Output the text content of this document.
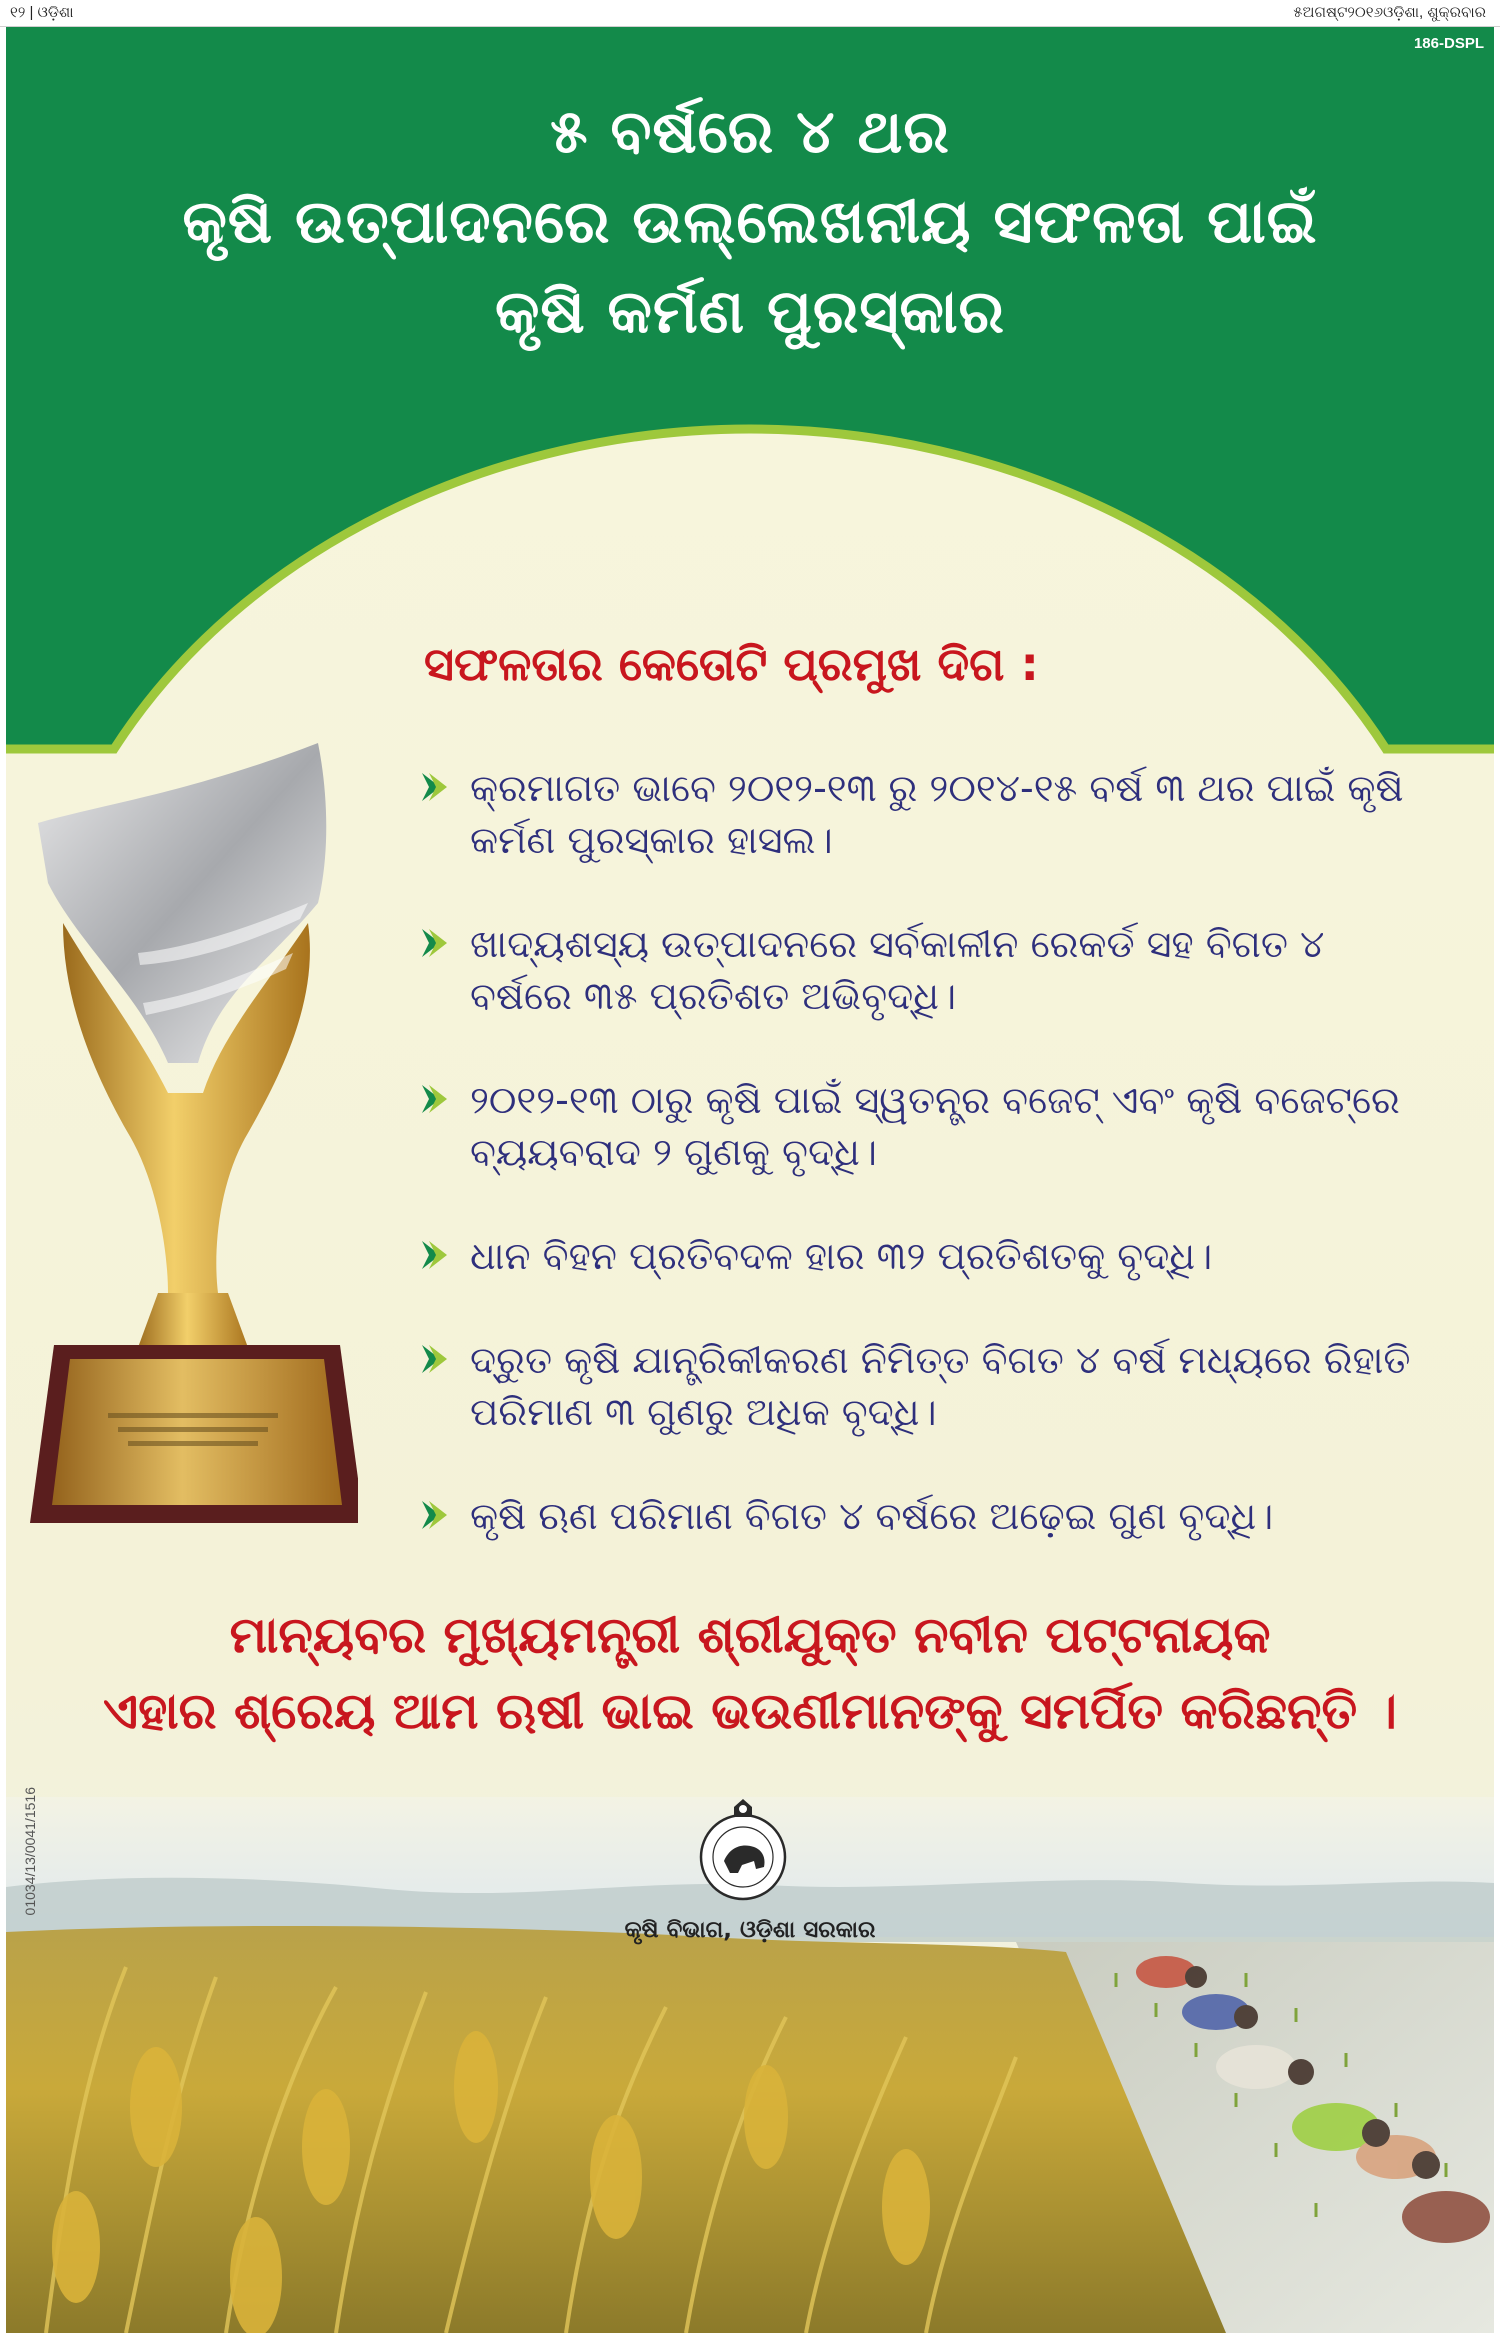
୧୨ | ଓଡ଼ିଶା	୫ଅଗଷ୍ଟ୨୦୧୬ଓଡ଼ିଶା, ଶୁକ୍ରବାର
186-DSPL
୫ ବର୍ଷରେ ୪ ଥର
କୃଷି ଉତ୍ପାଦନରେ ଉଲ୍ଲେଖନୀୟ ସଫଳତା ପାଇଁ
କୃଷି କର୍ମଣ ପୁରସ୍କାର
ସଫଳତାର କେତୋଟି ପ୍ରମୁଖ ଦିଗ :
କ୍ରମାଗତ ଭାବେ ୨୦୧୨-୧୩ ରୁ ୨୦୧୪-୧୫ ବର୍ଷ ୩ ଥର ପାଇଁ କୃଷି କର୍ମଣ ପୁରସ୍କାର ହାସଲ।
ଖାଦ୍ୟଶସ୍ୟ ଉତ୍ପାଦନରେ ସର୍ବକାଳୀନ ରେକର୍ଡ ସହ ବିଗତ ୪ ବର୍ଷରେ ୩୫ ପ୍ରତିଶତ ଅଭିବୃଦ୍ଧି।
୨୦୧୨-୧୩ ଠାରୁ କୃଷି ପାଇଁ ସ୍ୱତନ୍ତ୍ର ବଜେଟ୍ ଏବଂ କୃଷି ବଜେଟ୍‌ରେ ବ୍ୟୟବରାଦ ୨ ଗୁଣକୁ ବୃଦ୍ଧି।
ଧାନ ବିହନ ପ୍ରତିବଦଳ ହାର ୩୨ ପ୍ରତିଶତକୁ ବୃଦ୍ଧି।
ଦ୍ରୁତ କୃଷି ଯାନ୍ତ୍ରିକୀକରଣ ନିମିତ୍ତ ବିଗତ ୪ ବର୍ଷ ମଧ୍ୟରେ ରିହାତି ପରିମାଣ ୩ ଗୁଣରୁ ଅଧିକ ବୃଦ୍ଧି।
କୃଷି ଋଣ ପରିମାଣ ବିଗତ ୪ ବର୍ଷରେ ଅଢ଼େଇ ଗୁଣ ବୃଦ୍ଧି।
ମାନ୍ୟବର ମୁଖ୍ୟମନ୍ତ୍ରୀ ଶ୍ରୀଯୁକ୍ତ ନବୀନ ପଟ୍ଟନାୟକ
ଏହାର ଶ୍ରେୟ ଆମ ଋଷୀ ଭାଇ ଭଉଣୀମାନଙ୍କୁ ସମର୍ପିତ କରିଛନ୍ତି ।
01034/13/0041/1516
କୃଷି ବିଭାଗ, ଓଡ଼ିଶା ସରକାର
